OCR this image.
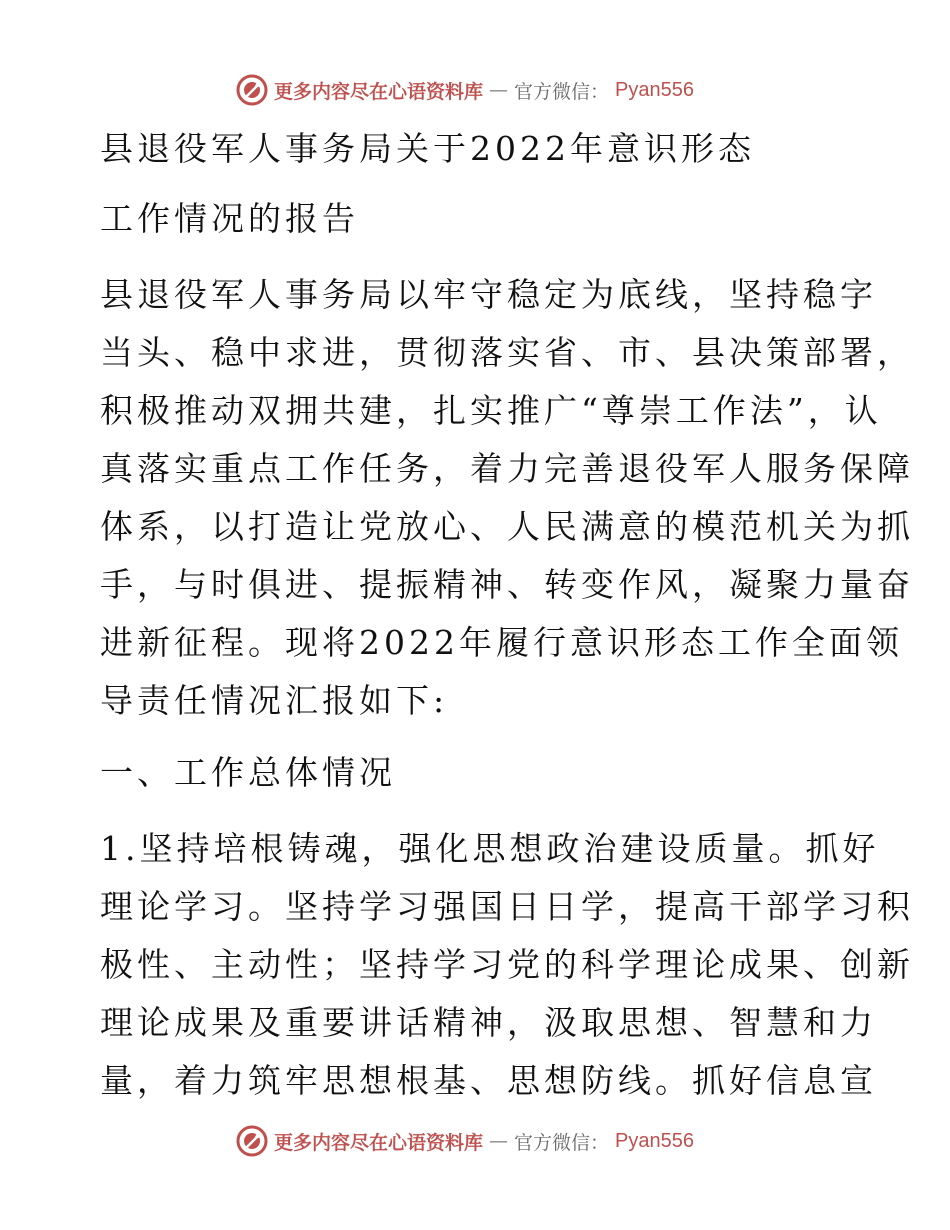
更多内容尽在心语资料库 — 官方微信： Pyan556

县退役军人事务局关于2022年意识形态

工作情况的报告

县退役军人事务局以牢守稳定为底线，坚持稳字

当头、稳中求进，贯彻落实省、市、县决策部署，

积极推动双拥共建，扎实推广“尊崇工作法”，认

真落实重点工作任务，着力完善退役军人服务保障

体系，以打造让党放心、人民满意的模范机关为抓

手，与时俱进、提振精神、转变作风，凝聚力量奋

进新征程。现将2022年履行意识形态工作全面领

导责任情况汇报如下:

一、工作总体情况

1.坚持培根铸魂，强化思想政治建设质量。抓好

理论学习。坚持学习强国日日学，提高干部学习积

极性、主动性；坚持学习党的科学理论成果、创新

理论成果及重要讲话精神，汲取思想、智慧和力

量，着力筑牢思想根基、思想防线。抓好信息宣

更多内容尽在心语资料库 — 官方微信： Pyan556
